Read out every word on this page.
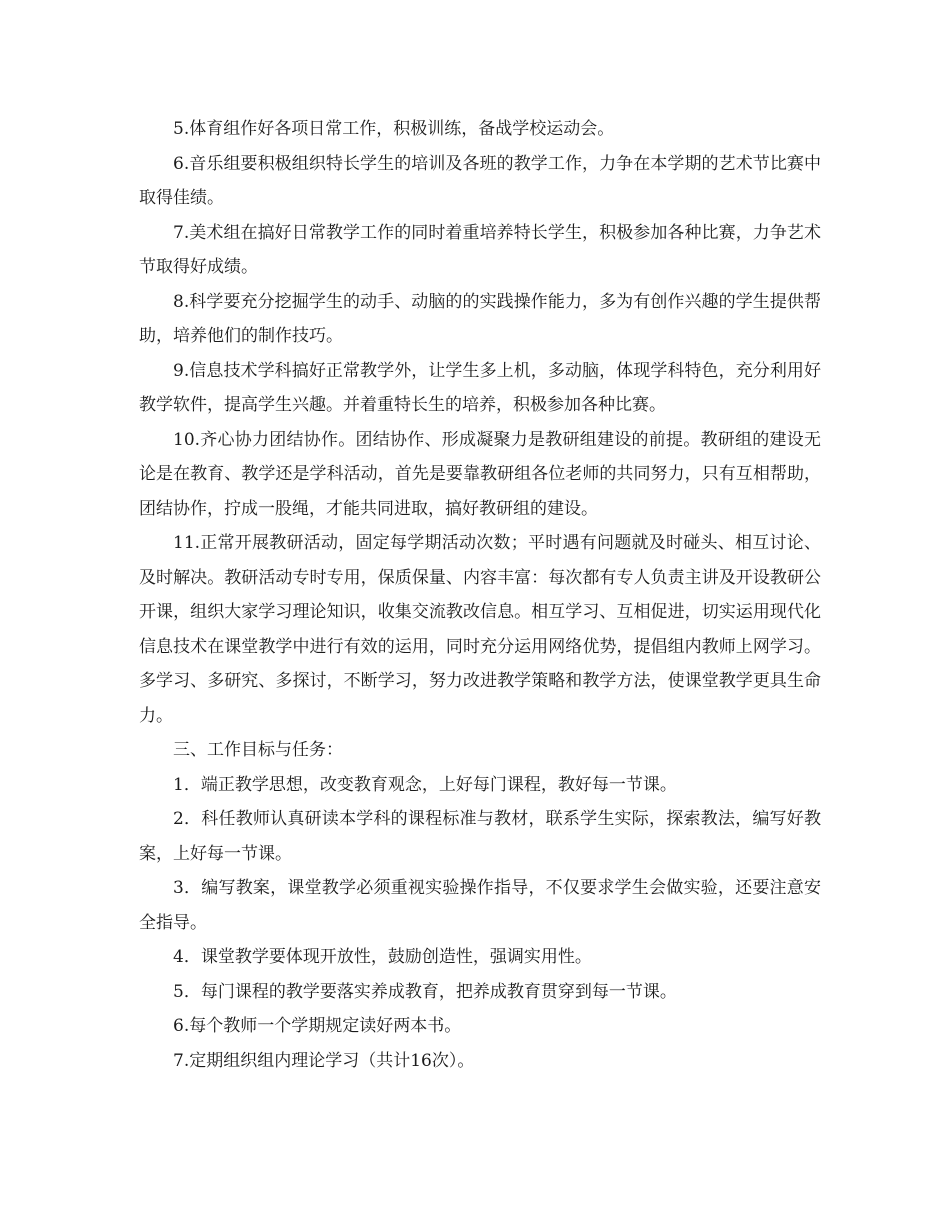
5.体育组作好各项日常工作，积极训练，备战学校运动会。

6.音乐组要积极组织特长学生的培训及各班的教学工作，力争在本学期的艺术节比赛中取得佳绩。

7.美术组在搞好日常教学工作的同时着重培养特长学生，积极参加各种比赛，力争艺术节取得好成绩。

8.科学要充分挖掘学生的动手、动脑的的实践操作能力，多为有创作兴趣的学生提供帮助，培养他们的制作技巧。

9.信息技术学科搞好正常教学外，让学生多上机，多动脑，体现学科特色，充分利用好教学软件，提高学生兴趣。并着重特长生的培养，积极参加各种比赛。

10.齐心协力团结协作。团结协作、形成凝聚力是教研组建设的前提。教研组的建设无论是在教育、教学还是学科活动，首先是要靠教研组各位老师的共同努力，只有互相帮助，团结协作，拧成一股绳，才能共同进取，搞好教研组的建设。

11.正常开展教研活动，固定每学期活动次数；平时遇有问题就及时碰头、相互讨论、及时解决。教研活动专时专用，保质保量、内容丰富：每次都有专人负责主讲及开设教研公开课，组织大家学习理论知识，收集交流教改信息。相互学习、互相促进，切实运用现代化信息技术在课堂教学中进行有效的运用，同时充分运用网络优势，提倡组内教师上网学习。多学习、多研究、多探讨，不断学习，努力改进教学策略和教学方法，使课堂教学更具生命力。

三、工作目标与任务：

1．端正教学思想，改变教育观念，上好每门课程，教好每一节课。

2．科任教师认真研读本学科的课程标准与教材，联系学生实际，探索教法，编写好教案，上好每一节课。

3．编写教案，课堂教学必须重视实验操作指导，不仅要求学生会做实验，还要注意安全指导。

4．课堂教学要体现开放性，鼓励创造性，强调实用性。

5．每门课程的教学要落实养成教育，把养成教育贯穿到每一节课。

6.每个教师一个学期规定读好两本书。

7.定期组织组内理论学习（共计16次）。
